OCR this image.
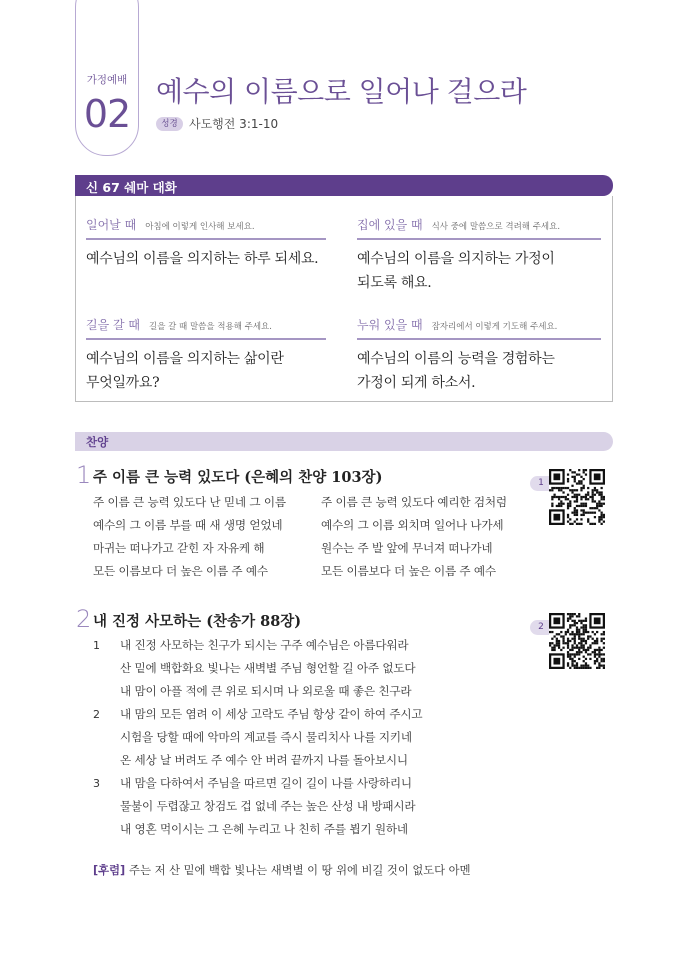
가정예배
02
예수의 이름으로 일어나 걸으라
성경 사도행전 3:1-10
신 67 쉐마 대화
일어날 때 아침에 이렇게 인사해 보세요.
예수님의 이름을 의지하는 하루 되세요.
집에 있을 때 식사 중에 말씀으로 격려해 주세요.
예수님의 이름을 의지하는 가정이
되도록 해요.
길을 갈 때 길을 갈 때 말씀을 적용해 주세요.
예수님의 이름을 의지하는 삶이란
무엇일까요?
누워 있을 때 잠자리에서 이렇게 기도해 주세요.
예수님의 이름의 능력을 경험하는
가정이 되게 하소서.
찬양
1 주 이름 큰 능력 있도다 (은혜의 찬양 103장)
주 이름 큰 능력 있도다 난 믿네 그 이름
예수의 그 이름 부를 때 새 생명 얻었네
마귀는 떠나가고 갇힌 자 자유케 해
모든 이름보다 더 높은 이름 주 예수
주 이름 큰 능력 있도다 예리한 검처럼
예수의 그 이름 외치며 일어나 나가세
원수는 주 발 앞에 무너져 떠나가네
모든 이름보다 더 높은 이름 주 예수
1
2 내 진정 사모하는 (찬송가 88장)	2
1 내 진정 사모하는 친구가 되시는 구주 예수님은 아름다워라
산 밑에 백합화요 빛나는 새벽별 주님 형언할 길 아주 없도다
내 맘이 아플 적에 큰 위로 되시며 나 외로울 때 좋은 친구라
2 내 맘의 모든 염려 이 세상 고락도 주님 항상 같이 하여 주시고
시험을 당할 때에 악마의 계교를 즉시 물리치사 나를 지키네
온 세상 날 버려도 주 예수 안 버려 끝까지 나를 돌아보시니
3 내 맘을 다하여서 주님을 따르면 길이 길이 나를 사랑하리니
물불이 두렵잖고 창검도 겁 없네 주는 높은 산성 내 방패시라
내 영혼 먹이시는 그 은혜 누리고 나 친히 주를 뵙기 원하네
[후렴] 주는 저 산 밑에 백합 빛나는 새벽별 이 땅 위에 비길 것이 없도다 아멘
